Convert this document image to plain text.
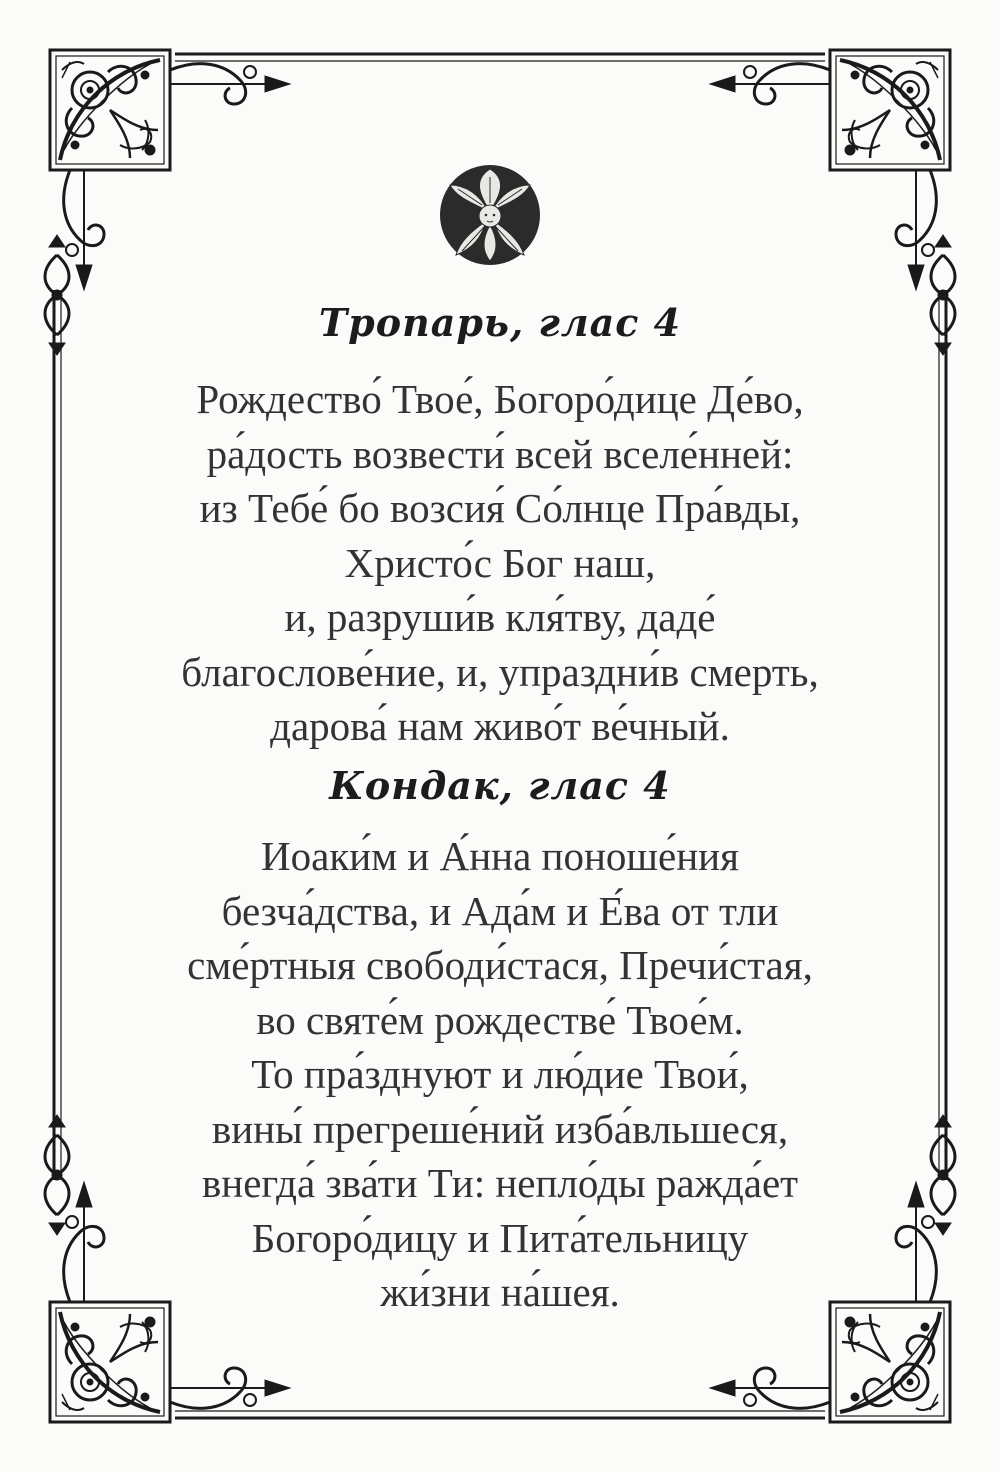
Тропарь, глас 4
Рождество́ Твое́, Богоро́дице Де́во,
ра́дость возвести́ всей вселе́нней:
из Тебе́ бо возсия́ Со́лнце Пра́вды,
Христо́с Бог наш,
и, разруши́в кля́тву, даде́
благослове́ние, и, упраздни́в смерть,
дарова́ нам живо́т ве́чный.
Кондак, глас 4
Иоаки́м и А́нна поноше́ния
безча́дства, и Ада́м и Е́ва от тли
сме́ртныя свободи́стася, Пречи́стая,
во святе́м рождестве́ Твое́м.
То пра́зднуют и лю́дие Твои́,
вины́ прегреше́ний изба́вльшеся,
внегда́ зва́ти Ти: непло́ды ражда́ет
Богоро́дицу и Пита́тельницу
жи́зни на́шея.
